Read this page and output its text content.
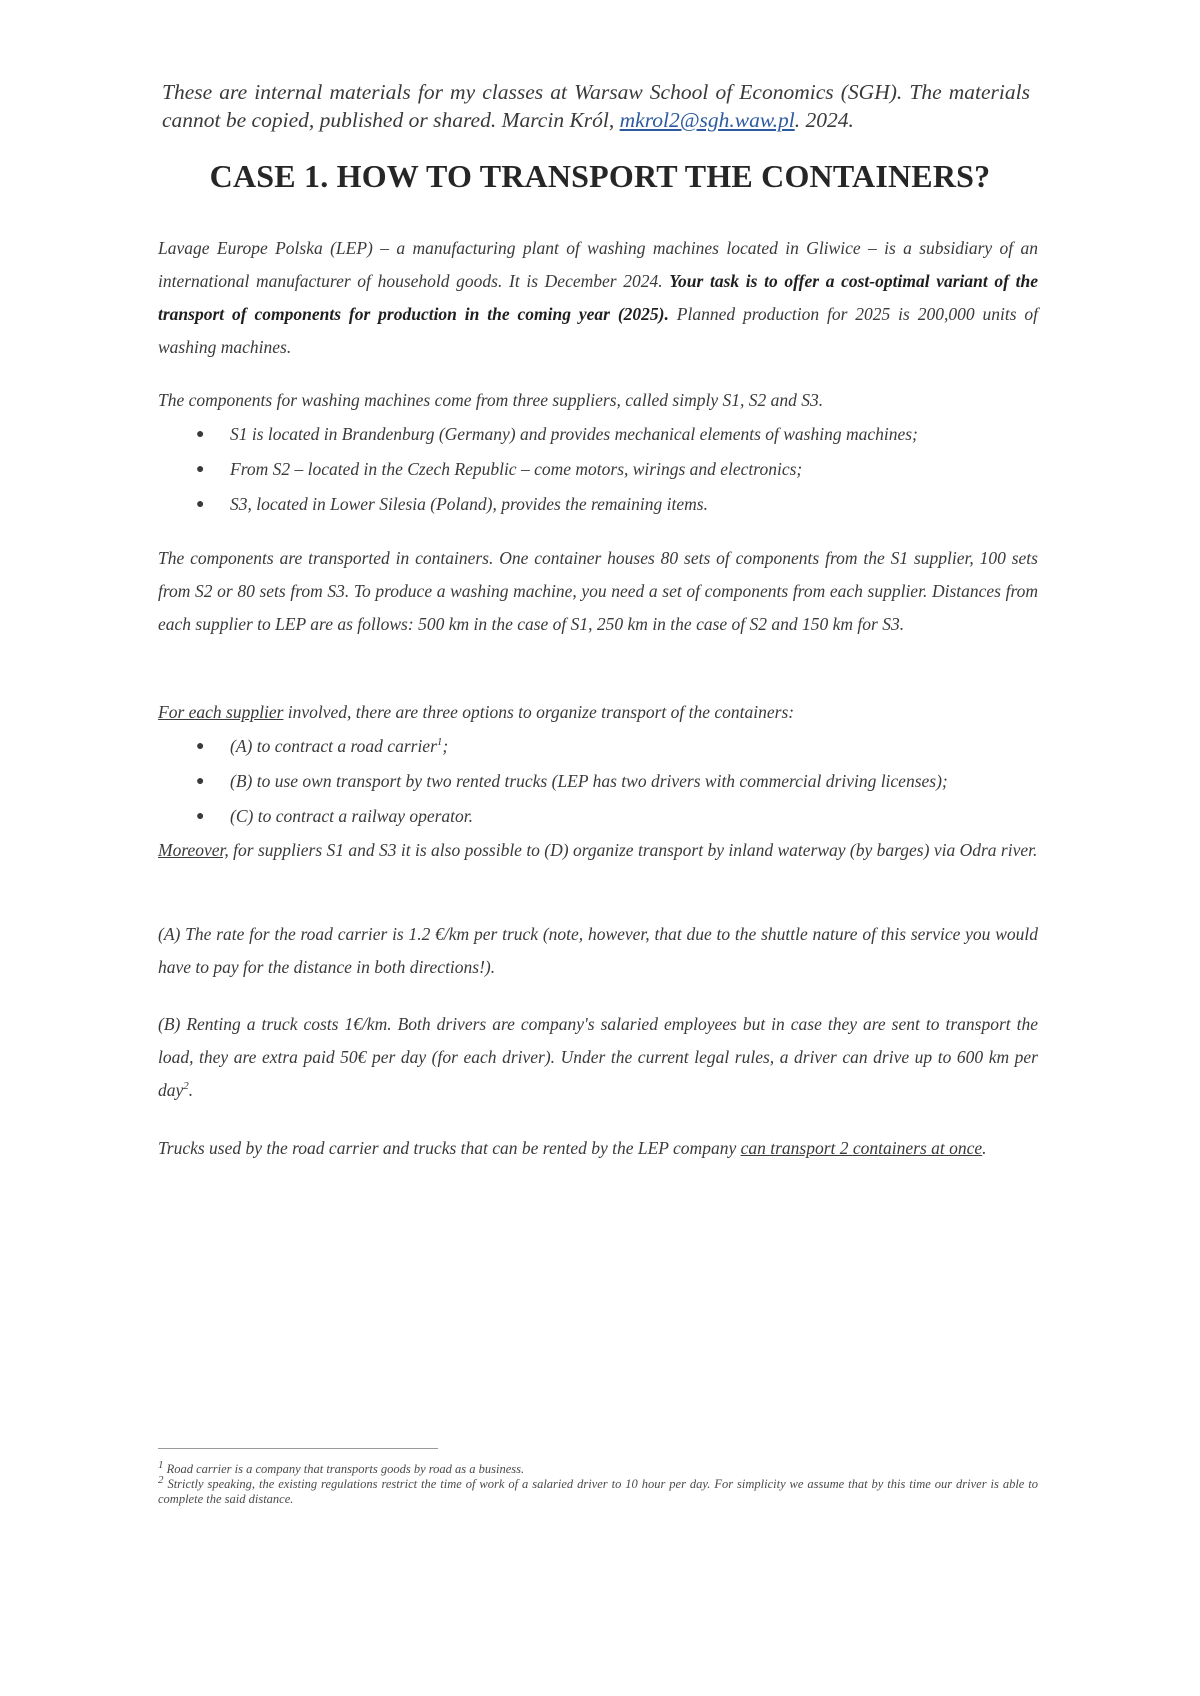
These are internal materials for my classes at Warsaw School of Economics (SGH). The materials cannot be copied, published or shared. Marcin Król, mkrol2@sgh.waw.pl. 2024.
CASE 1. HOW TO TRANSPORT THE CONTAINERS?

Lavage Europe Polska (LEP) – a manufacturing plant of washing machines located in Gliwice – is a subsidiary of an international manufacturer of household goods. It is December 2024. Your task is to offer a cost-optimal variant of the transport of components for production in the coming year (2025). Planned production for 2025 is 200,000 units of washing machines.

The components for washing machines come from three suppliers, called simply S1, S2 and S3.

● S1 is located in Brandenburg (Germany) and provides mechanical elements of washing machines;
● From S2 – located in the Czech Republic – come motors, wirings and electronics;
● S3, located in Lower Silesia (Poland), provides the remaining items.

The components are transported in containers. One container houses 80 sets of components from the S1 supplier, 100 sets from S2 or 80 sets from S3. To produce a washing machine, you need a set of components from each supplier. Distances from each supplier to LEP are as follows: 500 km in the case of S1, 250 km in the case of S2 and 150 km for S3.

For each supplier involved, there are three options to organize transport of the containers:

● (A) to contract a road carrier$^1$;
● (B) to use own transport by two rented trucks (LEP has two drivers with commercial driving licenses);
● (C) to contract a railway operator.

Moreover, for suppliers S1 and S3 it is also possible to (D) organize transport by inland waterway (by barges) via Odra river.

(A) The rate for the road carrier is 1.2 €/km per truck (note, however, that due to the shuttle nature of this service you would have to pay for the distance in both directions!).

(B) Renting a truck costs 1€/km. Both drivers are company's salaried employees but in case they are sent to transport the load, they are extra paid 50€ per day (for each driver). Under the current legal rules, a driver can drive up to 600 km per day$^2$.

Trucks used by the road carrier and trucks that can be rented by the LEP company can transport 2 containers at once.

$^1$ Road carrier is a company that transports goods by road as a business.

$^2$ Strictly speaking, the existing regulations restrict the time of work of a salaried driver to 10 hour per day. For simplicity we assume that by this time our driver is able to complete the said distance.
